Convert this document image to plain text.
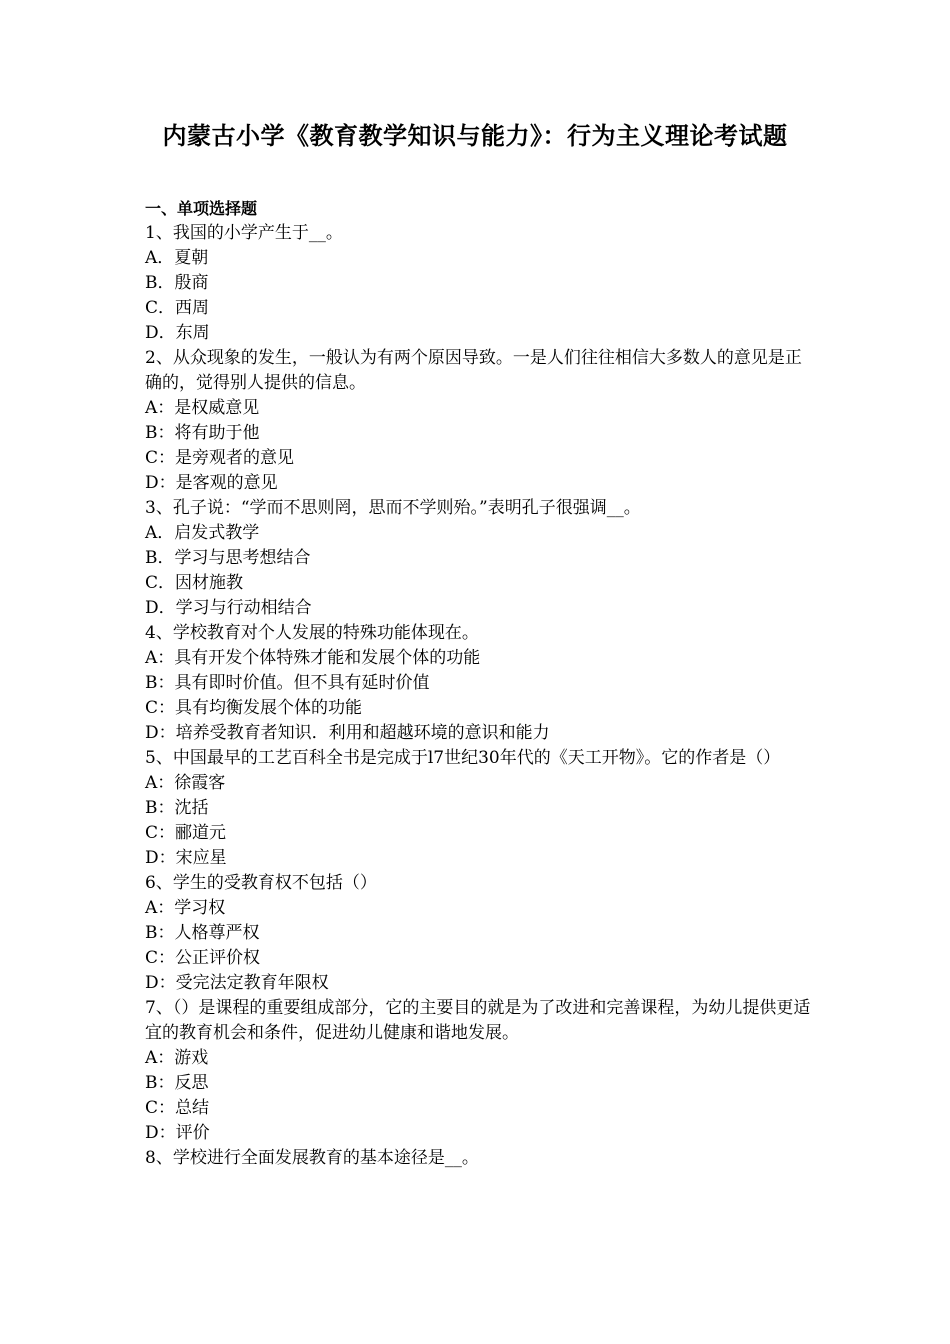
内蒙古小学《教育教学知识与能力》：行为主义理论考试题
一、单项选择题
1、我国的小学产生于__。
A．夏朝
B．殷商
C．西周
D．东周
2、从众现象的发生，一般认为有两个原因导致。一是人们往往相信大多数人的意见是正确的，觉得别人提供的信息。
A：是权威意见
B：将有助于他
C：是旁观者的意见
D：是客观的意见
3、孔子说：“学而不思则罔，思而不学则殆。”表明孔子很强调__。
A．启发式教学
B．学习与思考想结合
C．因材施教
D．学习与行动相结合
4、学校教育对个人发展的特殊功能体现在。
A：具有开发个体特殊才能和发展个体的功能
B：具有即时价值。但不具有延时价值
C：具有均衡发展个体的功能
D：培养受教育者知识．利用和超越环境的意识和能力
5、中国最早的工艺百科全书是完成于l7世纪30年代的《天工开物》。它的作者是（）
A：徐霞客
B：沈括
C：郦道元
D：宋应星
6、学生的受教育权不包括（）
A：学习权
B：人格尊严权
C：公正评价权
D：受完法定教育年限权
7、（）是课程的重要组成部分，它的主要目的就是为了改进和完善课程，为幼儿提供更适宜的教育机会和条件，促进幼儿健康和谐地发展。
A：游戏
B：反思
C：总结
D：评价
8、学校进行全面发展教育的基本途径是__。
